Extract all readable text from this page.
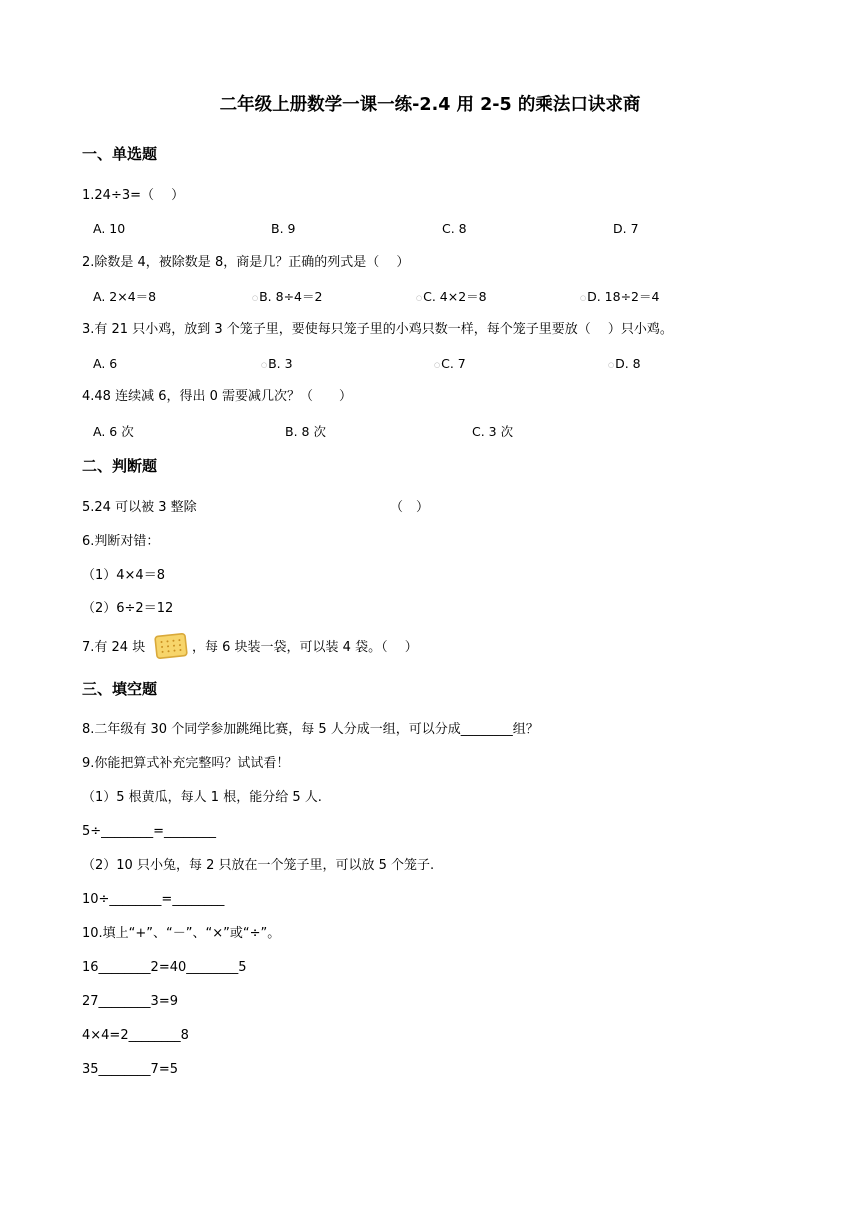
二年级上册数学一课一练-2.4 用 2-5 的乘法口诀求商
一、单选题
1.24÷3=（　 ）
A. 10	B. 9	C. 8	D. 7
2.除数是 4，被除数是 8，商是几？正确的列式是（　 ）
A. 2×4＝8	○B. 8÷4＝2	○C. 4×2＝8	○D. 18÷2＝4
3.有 21 只小鸡，放到 3 个笼子里，要使每只笼子里的小鸡只数一样，每个笼子里要放（　 ）只小鸡。
A. 6	○B. 3	○C. 7	○D. 8
4.48 连续减 6，得出 0 需要减几次？（　　）
A. 6 次	B. 8 次	C. 3 次
二、判断题
5.24 可以被 3 整除	（　）
6.判断对错：
（1）4×4＝8
（2）6÷2＝12
7.有 24 块	，每 6 块装一袋，可以装 4 袋。（　 ）
三、填空题
8.二年级有 30 个同学参加跳绳比赛，每 5 人分成一组，可以分成________组？
9.你能把算式补充完整吗？试试看！
（1）5 根黄瓜，每人 1 根，能分给 5 人.
5÷________=________
（2）10 只小兔，每 2 只放在一个笼子里，可以放 5 个笼子.
10÷________=________
10.填上“+”、“－”、“×”或“÷”。
16________2=40________5
27________3=9
4×4=2________8
35________7=5
